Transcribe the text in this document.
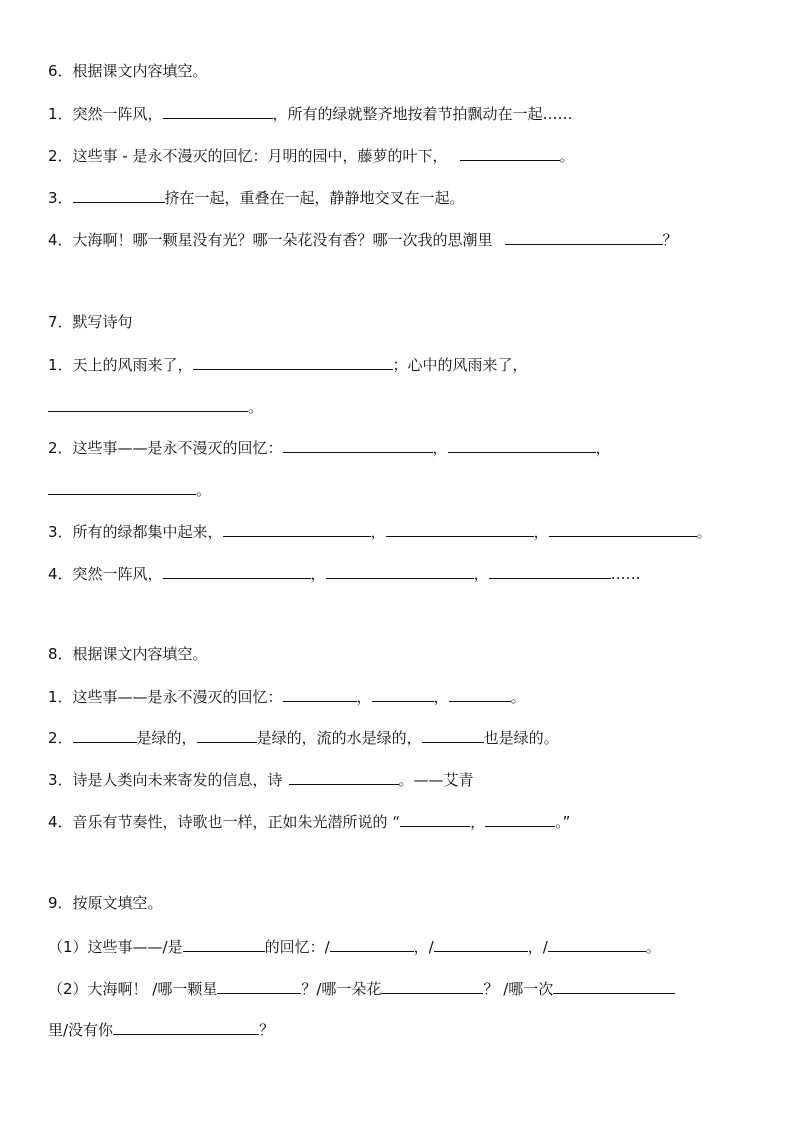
6．根据课文内容填空。
1．突然一阵风，	，所有的绿就整齐地按着节拍飘动在一起……
2．这些事 - 是永不漫灭的回忆：月明的园中，藤萝的叶下，	。
3．	挤在一起，重叠在一起，静静地交叉在一起。
4．大海啊！哪一颗星没有光？哪一朵花没有香？哪一次我的思潮里	？
7．默写诗句
1．天上的风雨来了，	；心中的风雨来了，
。
2．这些事——是永不漫灭的回忆：	，	，
。
3．所有的绿都集中起来，	，	，	。
4．突然一阵风，	，	，	……
8．根据课文内容填空。
1．这些事——是永不漫灭的回忆：	，	，	。
2．	是绿的，	是绿的，流的水是绿的，	也是绿的。
3．诗是人类向未来寄发的信息，诗	。——艾青
4．音乐有节奏性，诗歌也一样，正如朱光潜所说的 “	，	。”
9．按原文填空。
（1）这些事——/是	的回忆：/	，/	，/	。
（2）大海啊！ /哪一颗星	？/哪一朵花	？ /哪一次
里/没有你	？
